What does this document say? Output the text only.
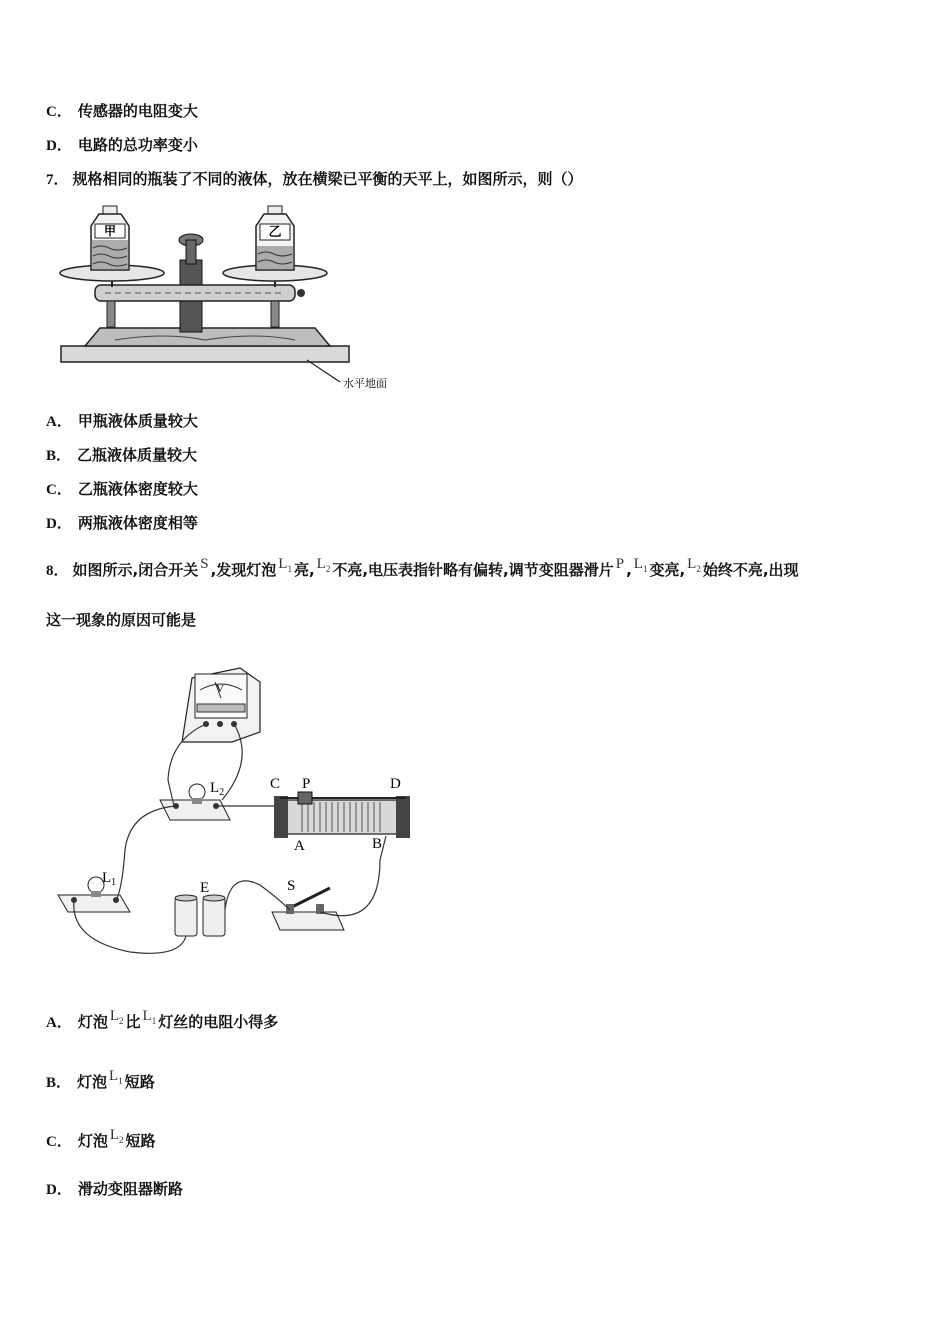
C． 传感器的电阻变大
D． 电路的总功率变小
7． 规格相同的瓶装了不同的液体，放在横梁已平衡的天平上，如图所示，则（）
甲	乙
水平地面
A． 甲瓶液体质量较大
B． 乙瓶液体质量较大
C． 乙瓶液体密度较大
D． 两瓶液体密度相等
8． 如图所示,闭合开关 S ,发现灯泡 $L_1$ 亮, $L_2$ 不亮,电压表指针略有偏转,调节变阻器滑片 P , $L_1$ 变亮, $L_2$ 始终不亮,出现
这一现象的原因可能是
V
$L_2$
$L_1$
C P	D
A	B
E	S
A． 灯泡 $L_2$ 比 $L_1$ 灯丝的电阻小得多
B． 灯泡 $L_1$ 短路
C． 灯泡 $L_2$ 短路
D． 滑动变阻器断路
